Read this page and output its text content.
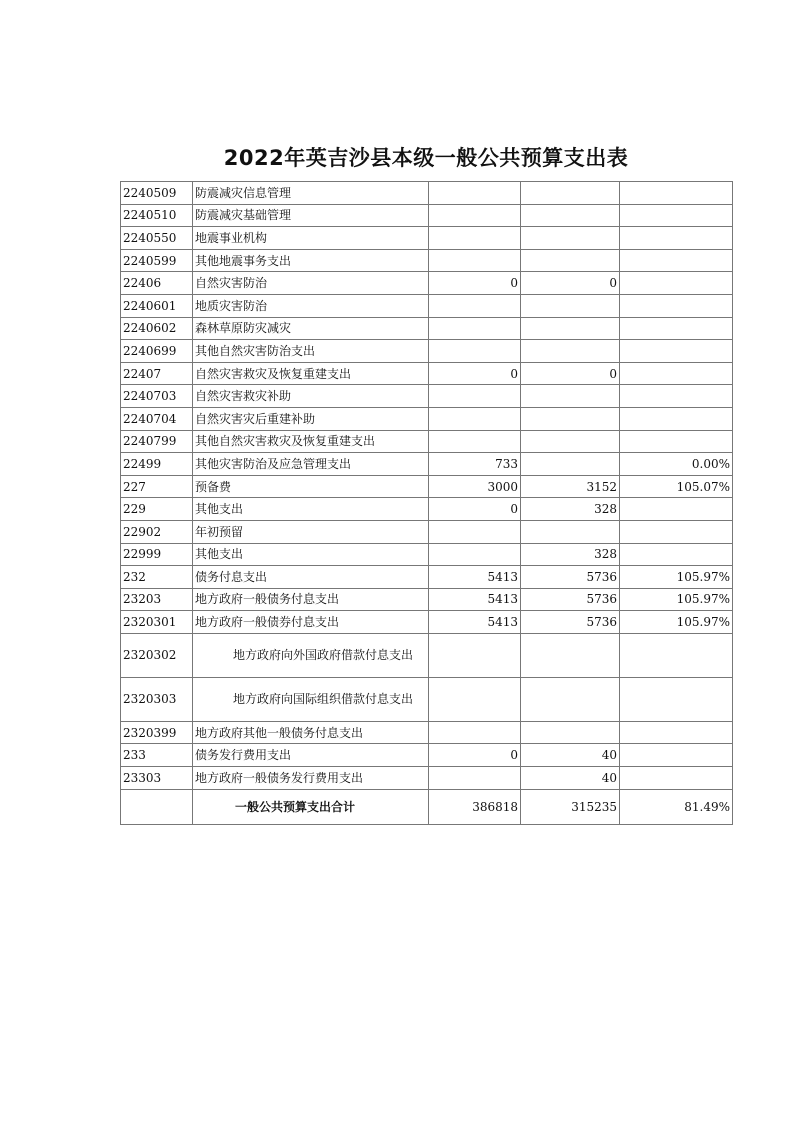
2022年英吉沙县本级一般公共预算支出表
2240509	防震减灾信息管理			
2240510	防震减灾基础管理			
2240550	地震事业机构			
2240599	其他地震事务支出			
22406	自然灾害防治	0	0	
2240601	地质灾害防治			
2240602	森林草原防灾减灾			
2240699	其他自然灾害防治支出			
22407	自然灾害救灾及恢复重建支出	0	0	
2240703	自然灾害救灾补助			
2240704	自然灾害灾后重建补助			
2240799	其他自然灾害救灾及恢复重建支出			
22499	其他灾害防治及应急管理支出	733		0.00%
227	预备费	3000	3152	105.07%
229	其他支出	0	328	
22902	年初预留			
22999	其他支出		328	
232	债务付息支出	5413	5736	105.97%
23203	地方政府一般债务付息支出	5413	5736	105.97%
2320301	地方政府一般债券付息支出	5413	5736	105.97%
2320302	地方政府向外国政府借款付息支出			

2320303	地方政府向国际组织借款付息支出			

2320399	地方政府其他一般债务付息支出			
233	债务发行费用支出	0	40	
23303	地方政府一般债务发行费用支出		40	
	一般公共预算支出合计	386818	315235	81.49%
